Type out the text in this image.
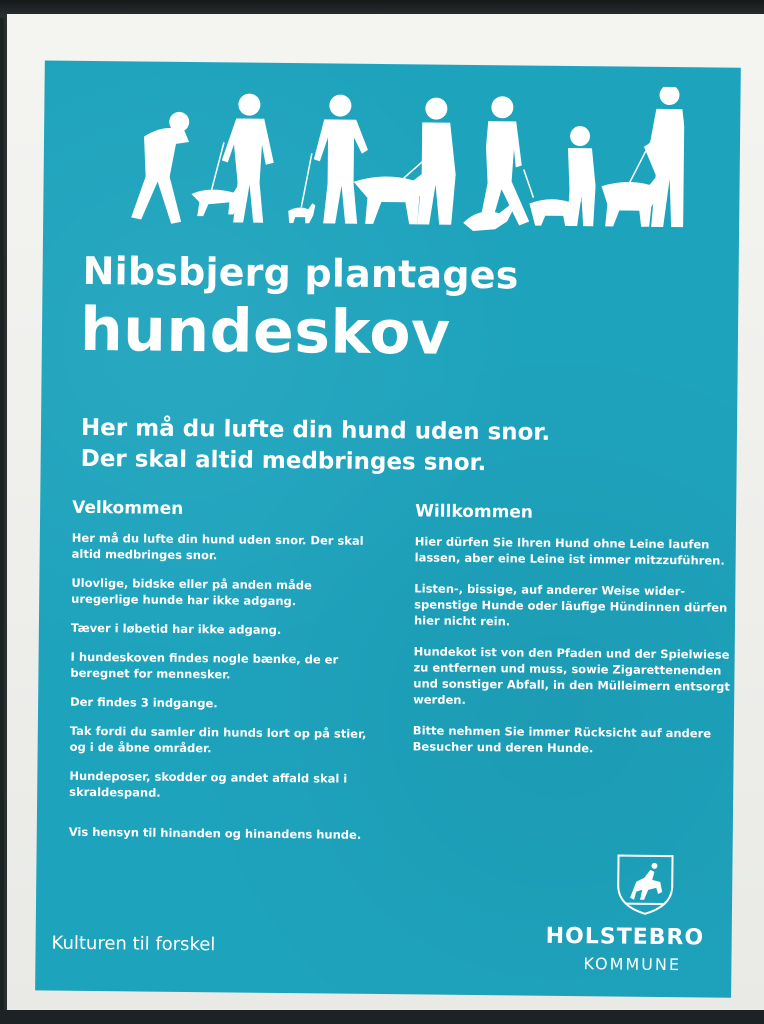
Nibsbjerg plantages
hundeskov
Her må du lufte din hund uden snor.
Der skal altid medbringes snor.
Velkommen

Her må du lufte din hund uden snor. Der skal altid medbringes snor.

Ulovlige, bidske eller på anden måde uregerlige hunde har ikke adgang.

Tæver i løbetid har ikke adgang.

I hundeskoven findes nogle bænke, de er beregnet for mennesker.

Der findes 3 indgange.

Tak fordi du samler din hunds lort op på stier, og i de åbne områder.

Hundeposer, skodder og andet affald skal i skraldespand.

Vis hensyn til hinanden og hinandens hunde.

Willkommen

Hier dürfen Sie Ihren Hund ohne Leine laufen lassen, aber eine Leine ist immer mitzzuführen.

Listen-, bissige, auf anderer Weise wider-spenstige Hunde oder läufige Hündinnen dürfen hier nicht rein.

Hundekot ist von den Pfaden und der Spielwiese zu entfernen und muss, sowie Zigarettenenden und sonstiger Abfall, in den Mülleimern entsorgt werden.

Bitte nehmen Sie immer Rücksicht auf andere Besucher und deren Hunde.

Kulturen til forskel	HOLSTEBRO
KOMMUNE
